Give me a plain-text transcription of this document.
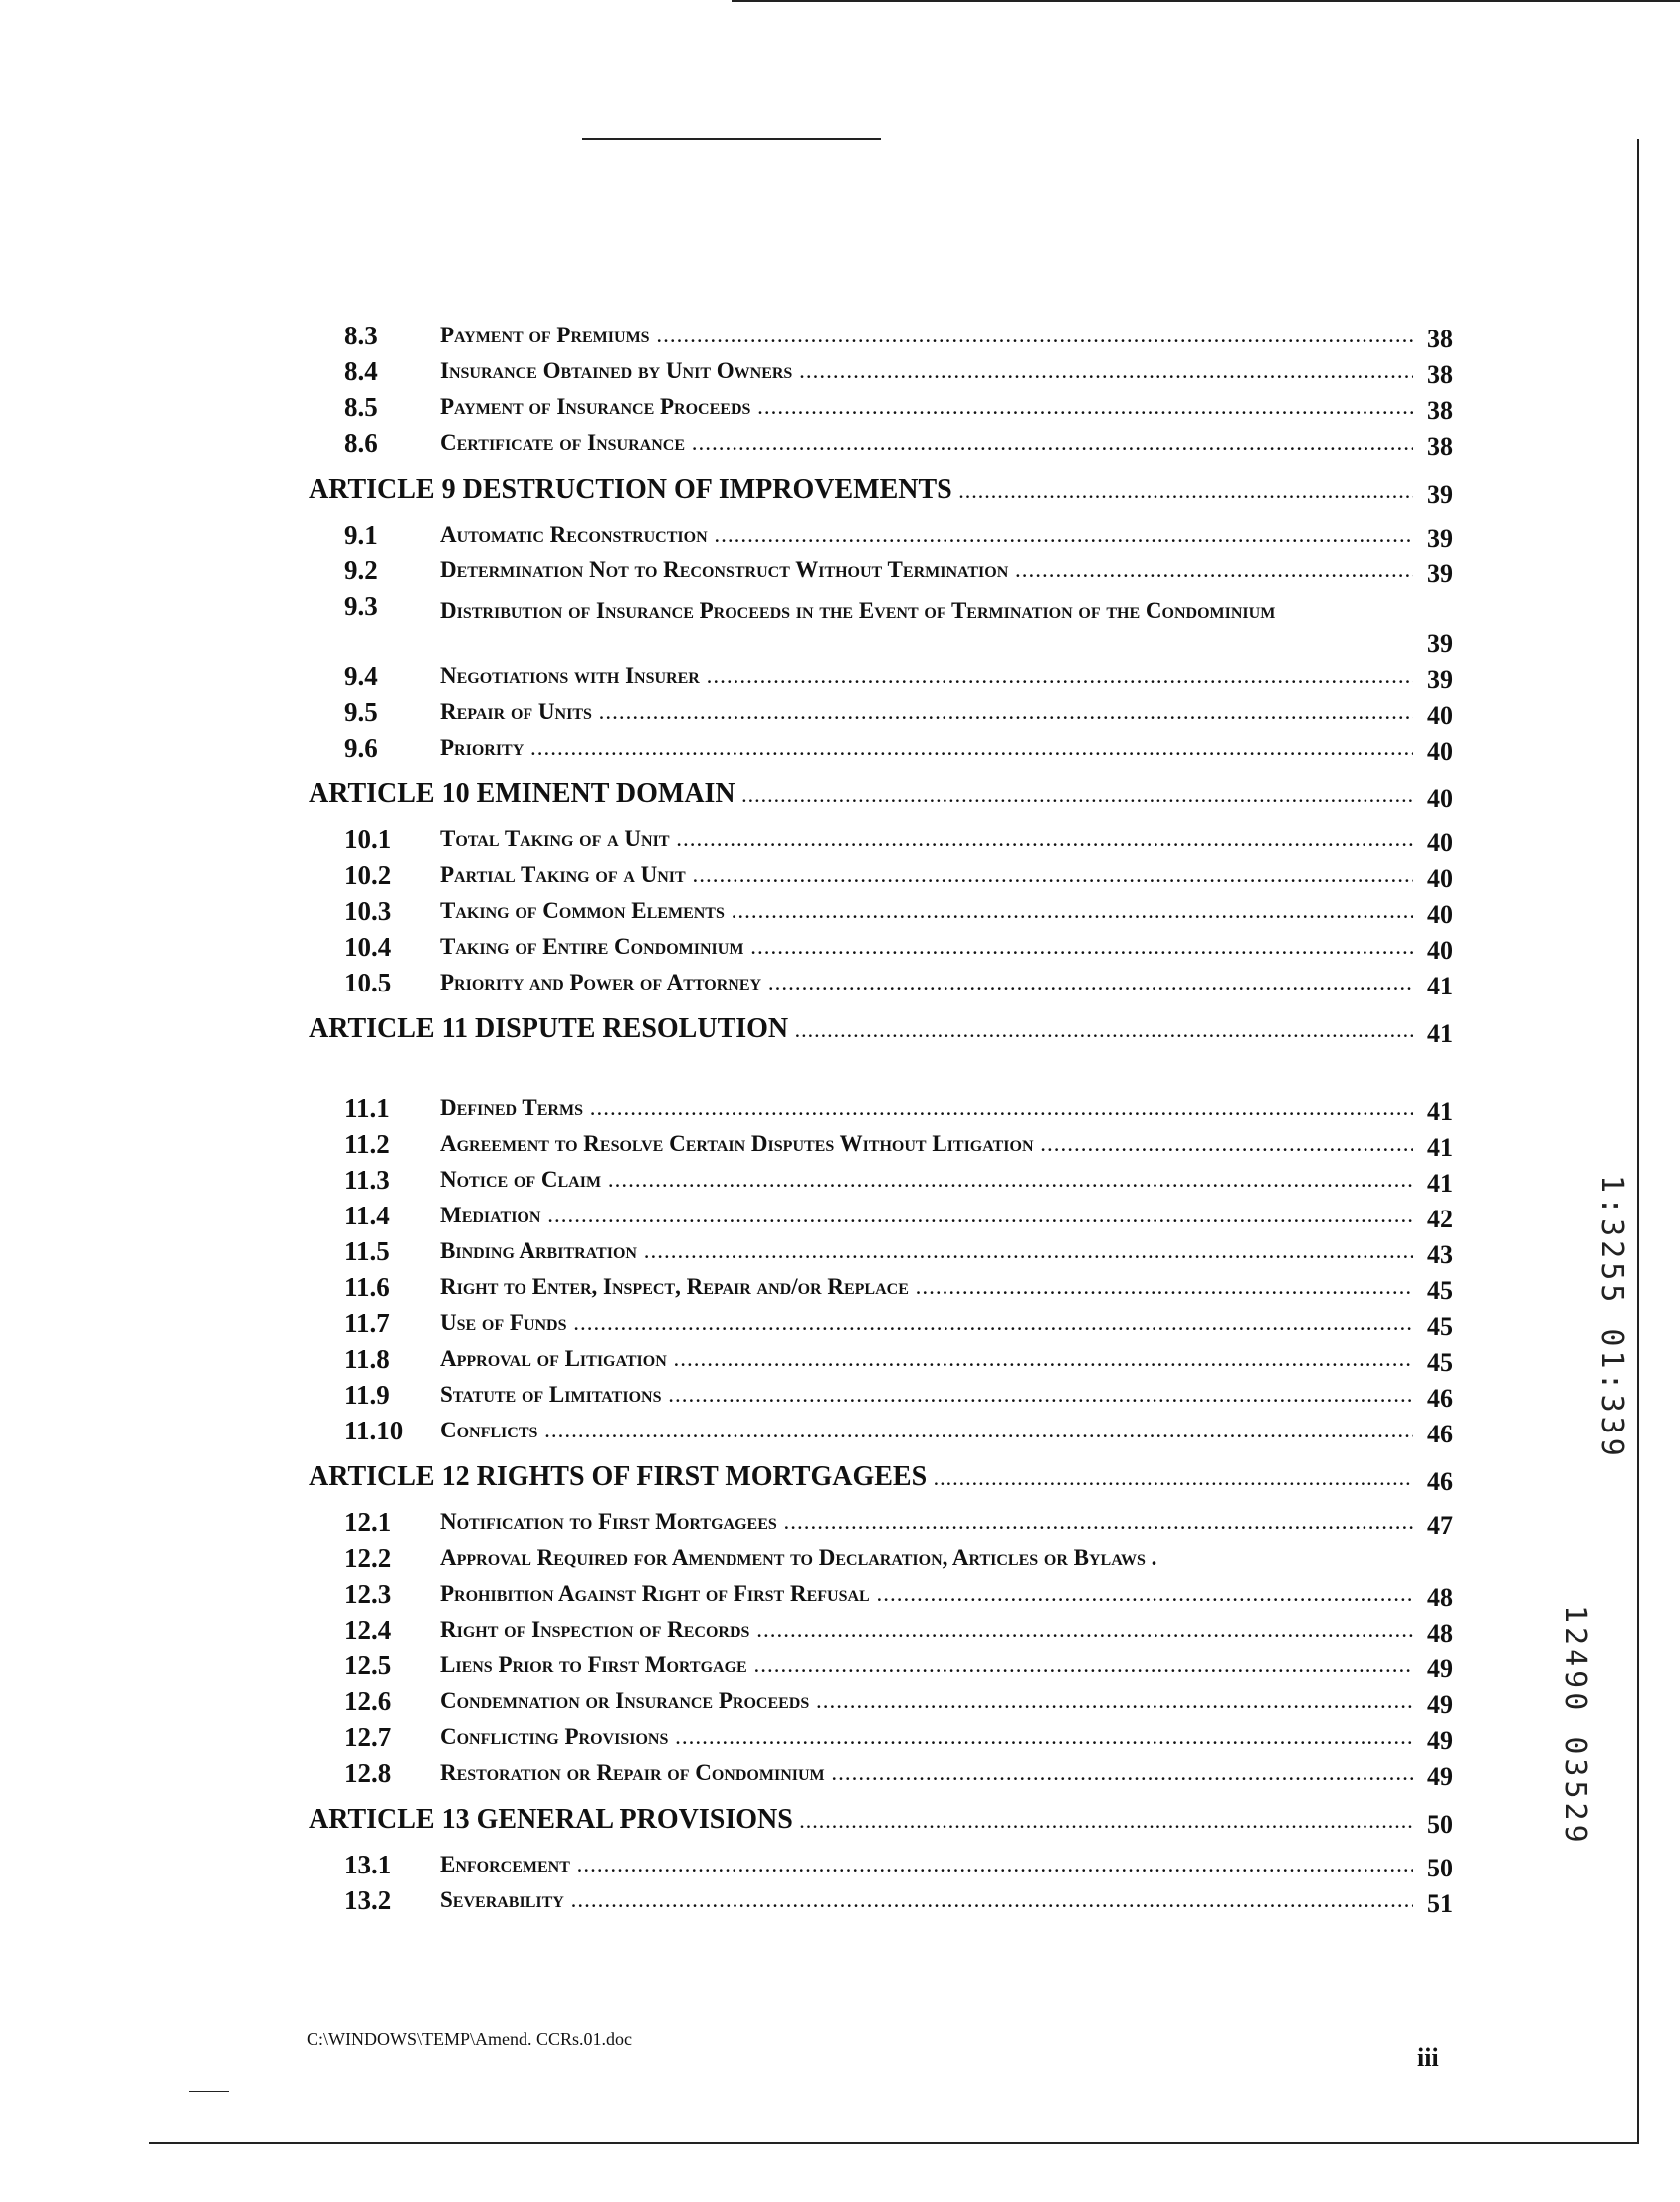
8.3	Payment of Premiums .....	38
8.4	Insurance Obtained by Unit Owners .....	38
8.5	Payment of Insurance Proceeds .....	38
8.6	Certificate of Insurance .....	38
ARTICLE 9 DESTRUCTION OF IMPROVEMENTS .....	39
9.1	Automatic Reconstruction .....	39
9.2	Determination Not to Reconstruct Without Termination .....	39
9.3	Distribution of Insurance Proceeds in the Event of Termination of the Condominium
39
9.4	Negotiations with Insurer .....	39
9.5	Repair of Units .....	40
9.6	Priority .....	40
ARTICLE 10 EMINENT DOMAIN .....	40
10.1 Total Taking of a Unit .....	40
10.2 Partial Taking of a Unit .....	40
10.3 Taking of Common Elements .....	40
10.4 Taking of Entire Condominium .....	40
10.5 Priority and Power of Attorney .....	41
ARTICLE 11 DISPUTE RESOLUTION .....	41
11.1 Defined Terms .....	41
11.2 Agreement to Resolve Certain Disputes Without Litigation .....	41
11.3 Notice of Claim .....	41
11.4 Mediation .....	42
11.5 Binding Arbitration .....	43
11.6 Right to Enter, Inspect, Repair and/or Replace .....	45
11.7 Use of Funds .....	45
11.8 Approval of Litigation .....	45
11.9 Statute of Limitations .....	46
11.10 Conflicts .....	46
ARTICLE 12 RIGHTS OF FIRST MORTGAGEES .....	46
12.1 Notification to First Mortgagees .....	47
12.2 Approval Required for Amendment to Declaration, Articles or Bylaws .
12.3 Prohibition Against Right of First Refusal .....	48
12.4 Right of Inspection of Records .....	48
12.5 Liens Prior to First Mortgage .....	49
12.6 Condemnation or Insurance Proceeds .....	49
12.7 Conflicting Provisions .....	49
12.8 Restoration or Repair of Condominium .....	49
ARTICLE 13 GENERAL PROVISIONS .....	50
13.1 Enforcement .....	50
13.2 Severability .....	51
C:\WINDOWS\TEMP\Amend. CCRs.01.doc
iii
1:3255 01:339
12490 03529
